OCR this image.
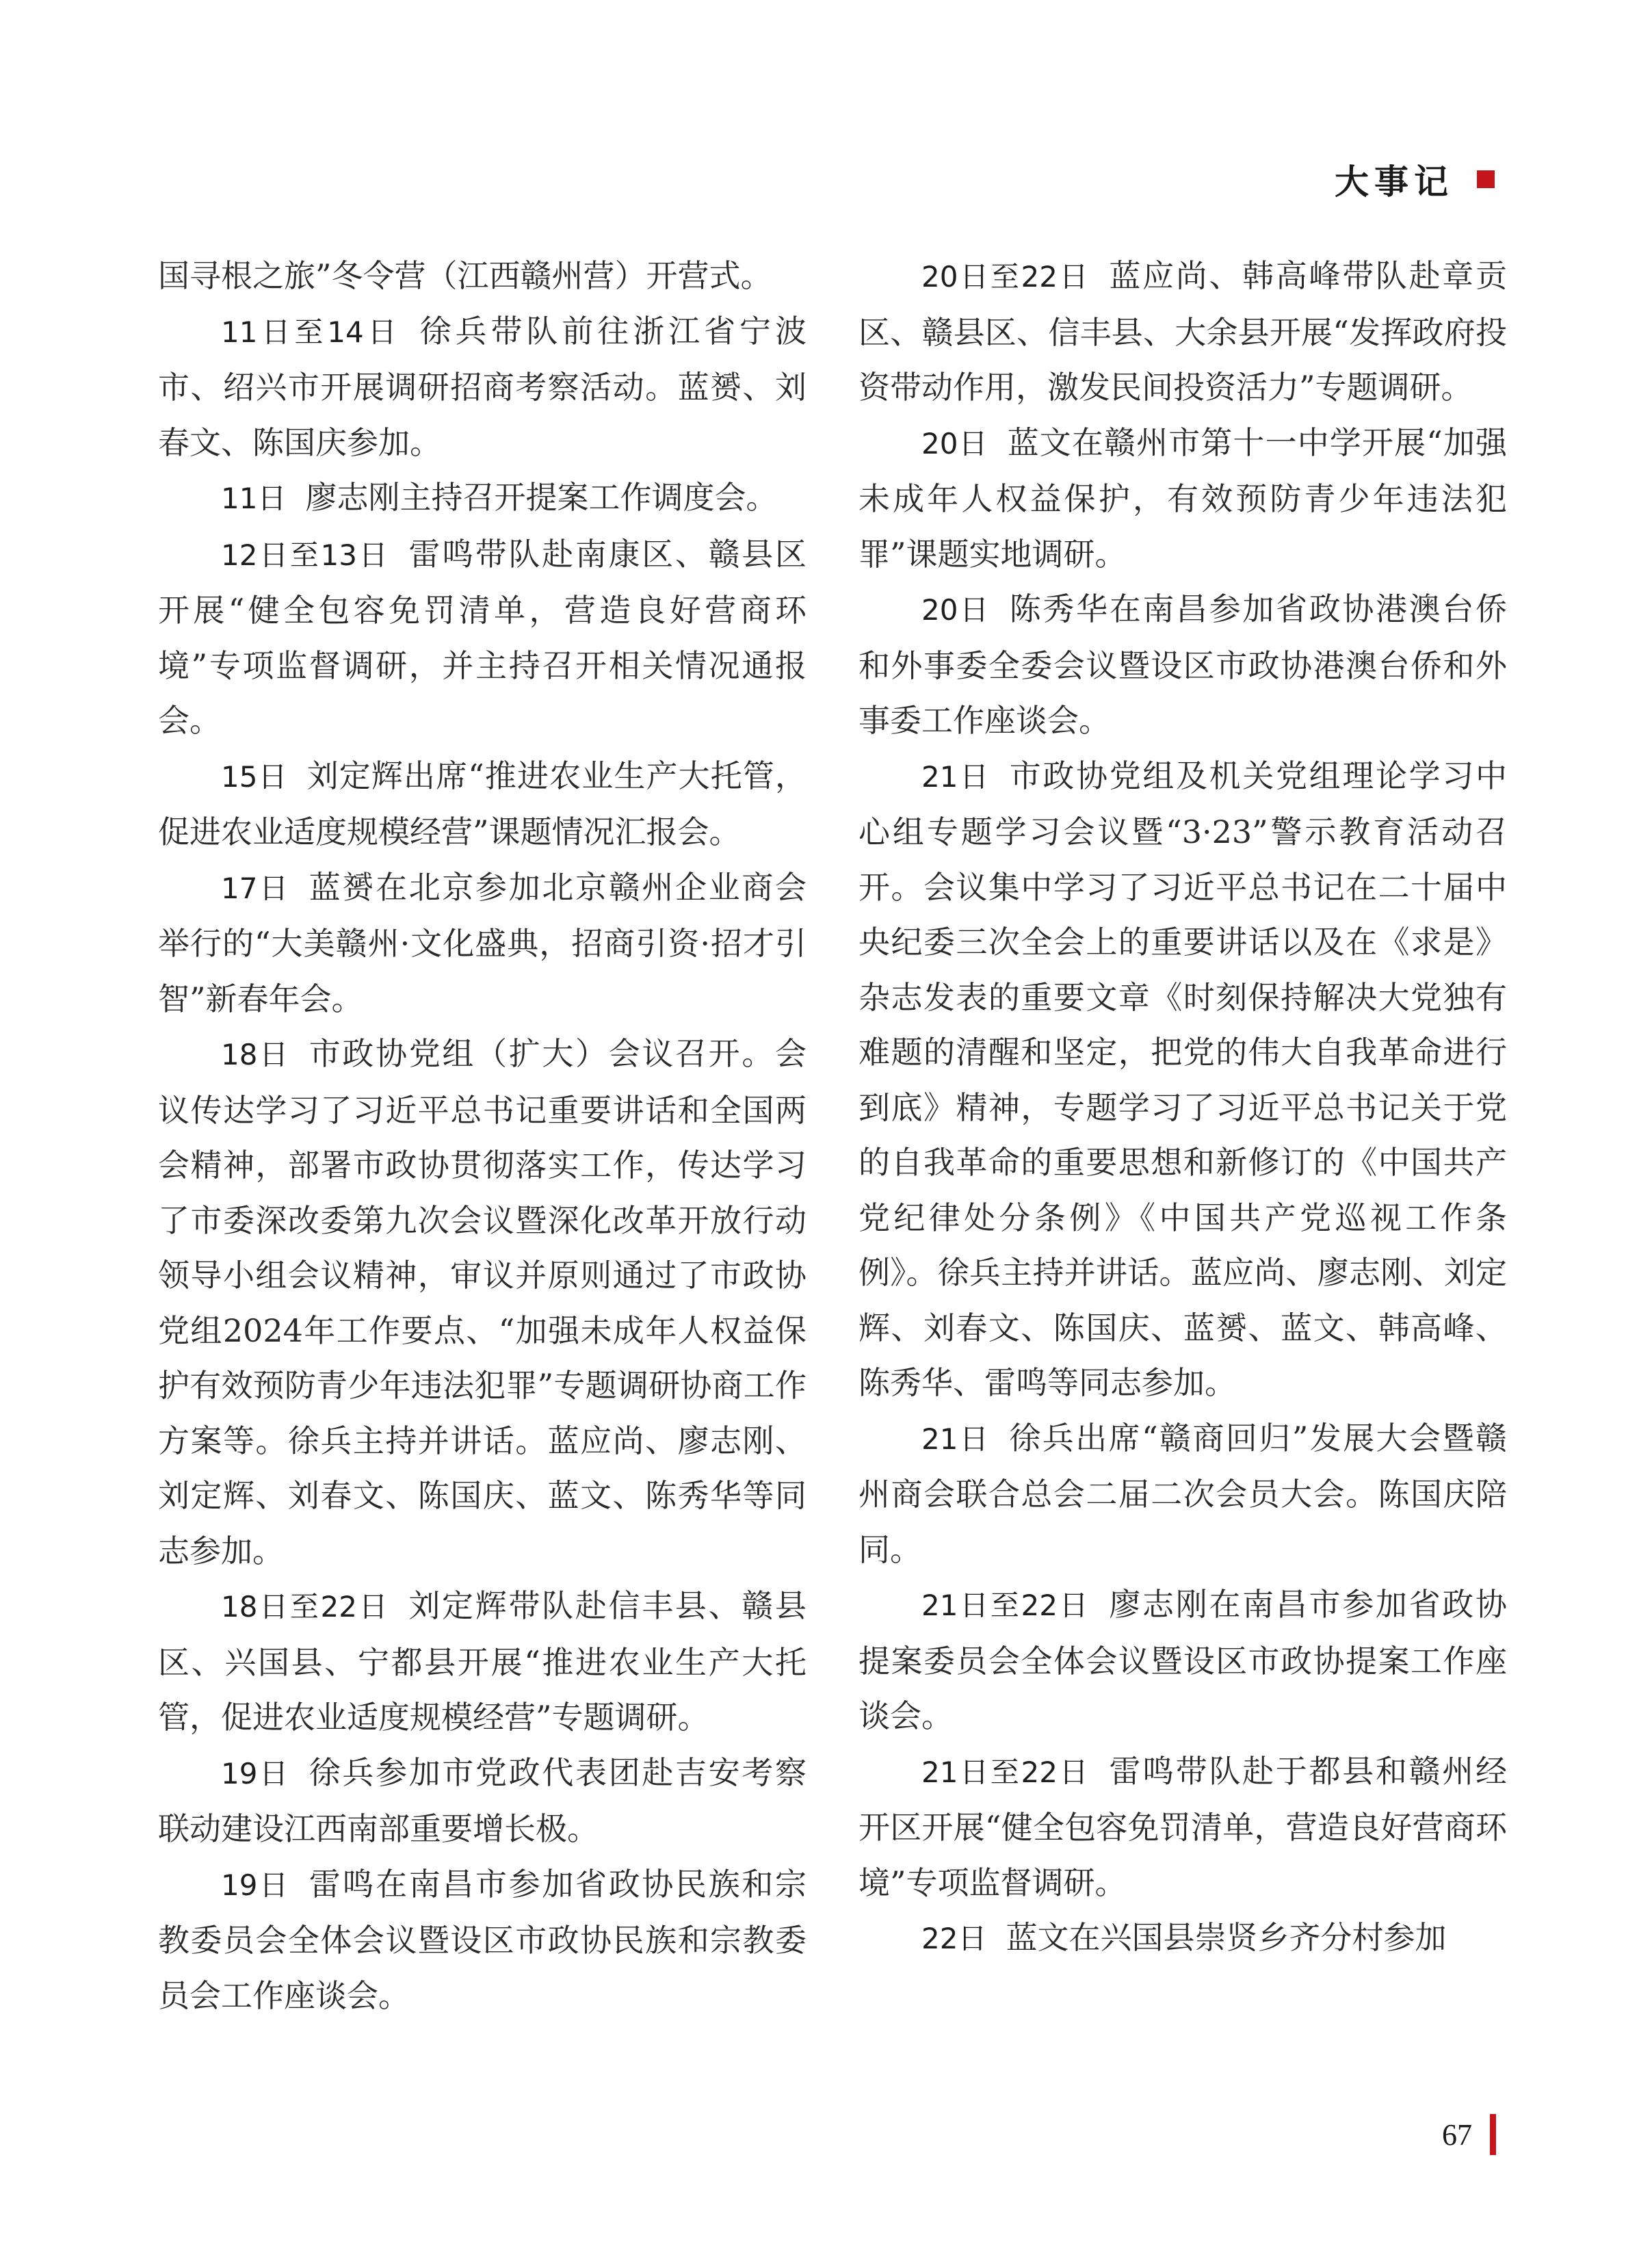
大事记

国寻根之旅”冬令营（江西赣州营）开营式。

11日至14日 徐兵带队前往浙江省宁波市、绍兴市开展调研招商考察活动。蓝赟、刘春文、陈国庆参加。

11日 廖志刚主持召开提案工作调度会。

12日至13日 雷鸣带队赴南康区、赣县区开展“健全包容免罚清单，营造良好营商环境”专项监督调研，并主持召开相关情况通报会。

15日 刘定辉出席“推进农业生产大托管，促进农业适度规模经营”课题情况汇报会。

17日 蓝赟在北京参加北京赣州企业商会举行的“大美赣州·文化盛典，招商引资·招才引智”新春年会。

18日 市政协党组（扩大）会议召开。会议传达学习了习近平总书记重要讲话和全国两会精神，部署市政协贯彻落实工作，传达学习了市委深改委第九次会议暨深化改革开放行动领导小组会议精神，审议并原则通过了市政协党组2024年工作要点、“加强未成年人权益保护有效预防青少年违法犯罪”专题调研协商工作方案等。徐兵主持并讲话。蓝应尚、廖志刚、刘定辉、刘春文、陈国庆、蓝文、陈秀华等同志参加。

18日至22日 刘定辉带队赴信丰县、赣县区、兴国县、宁都县开展“推进农业生产大托管，促进农业适度规模经营”专题调研。

19日 徐兵参加市党政代表团赴吉安考察联动建设江西南部重要增长极。

19日 雷鸣在南昌市参加省政协民族和宗教委员会全体会议暨设区市政协民族和宗教委员会工作座谈会。

20日至22日 蓝应尚、韩高峰带队赴章贡区、赣县区、信丰县、大余县开展“发挥政府投资带动作用，激发民间投资活力”专题调研。

20日 蓝文在赣州市第十一中学开展“加强未成年人权益保护，有效预防青少年违法犯罪”课题实地调研。

20日 陈秀华在南昌参加省政协港澳台侨和外事委全委会议暨设区市政协港澳台侨和外事委工作座谈会。

21日 市政协党组及机关党组理论学习中心组专题学习会议暨“3·23”警示教育活动召开。会议集中学习了习近平总书记在二十届中央纪委三次全会上的重要讲话以及在《求是》杂志发表的重要文章《时刻保持解决大党独有难题的清醒和坚定，把党的伟大自我革命进行到底》精神，专题学习了习近平总书记关于党的自我革命的重要思想和新修订的《中国共产党纪律处分条例》《中国共产党巡视工作条例》。徐兵主持并讲话。蓝应尚、廖志刚、刘定辉、刘春文、陈国庆、蓝赟、蓝文、韩高峰、陈秀华、雷鸣等同志参加。

21日 徐兵出席“赣商回归”发展大会暨赣州商会联合总会二届二次会员大会。陈国庆陪同。

21日至22日 廖志刚在南昌市参加省政协提案委员会全体会议暨设区市政协提案工作座谈会。

21日至22日 雷鸣带队赴于都县和赣州经开区开展“健全包容免罚清单，营造良好营商环境”专项监督调研。

22日 蓝文在兴国县崇贤乡齐分村参加

67
